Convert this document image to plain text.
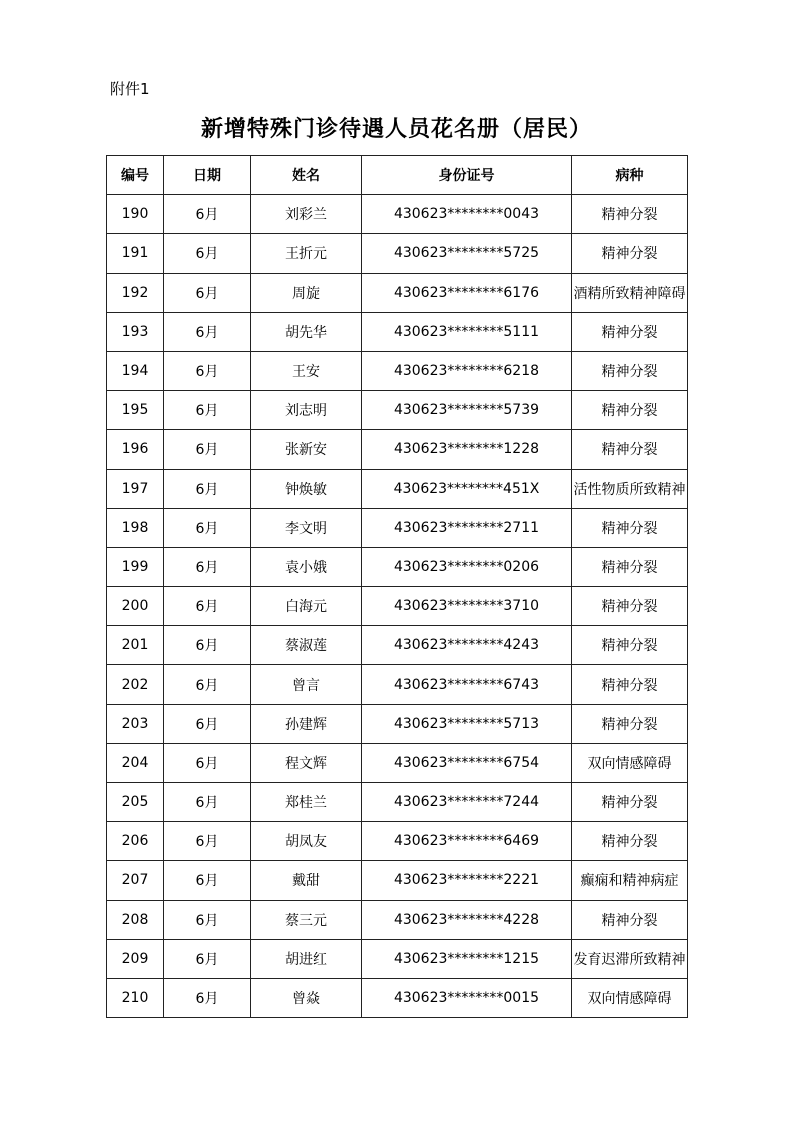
附件1
新增特殊门诊待遇人员花名册（居民）
编号	日期	姓名	身份证号	病种

190	6月	刘彩兰	430623********0043	精神分裂

191	6月	王折元	430623********5725	精神分裂

192	6月	周旋	430623********6176	酒精所致精神障碍

193	6月	胡先华	430623********5111	精神分裂

194	6月	王安	430623********6218	精神分裂

195	6月	刘志明	430623********5739	精神分裂

196	6月	张新安	430623********1228	精神分裂

197	6月	钟焕敏	430623********451X	活性物质所致精神

198	6月	李文明	430623********2711	精神分裂

199	6月	袁小娥	430623********0206	精神分裂

200	6月	白海元	430623********3710	精神分裂

201	6月	蔡淑莲	430623********4243	精神分裂

202	6月	曾言	430623********6743	精神分裂

203	6月	孙建辉	430623********5713	精神分裂

204	6月	程文辉	430623********6754	双向情感障碍

205	6月	郑桂兰	430623********7244	精神分裂

206	6月	胡凤友	430623********6469	精神分裂

207	6月	戴甜	430623********2221	癫痫和精神病症

208	6月	蔡三元	430623********4228	精神分裂

209	6月	胡进红	430623********1215	发育迟滞所致精神

210	6月	曾焱	430623********0015	双向情感障碍
